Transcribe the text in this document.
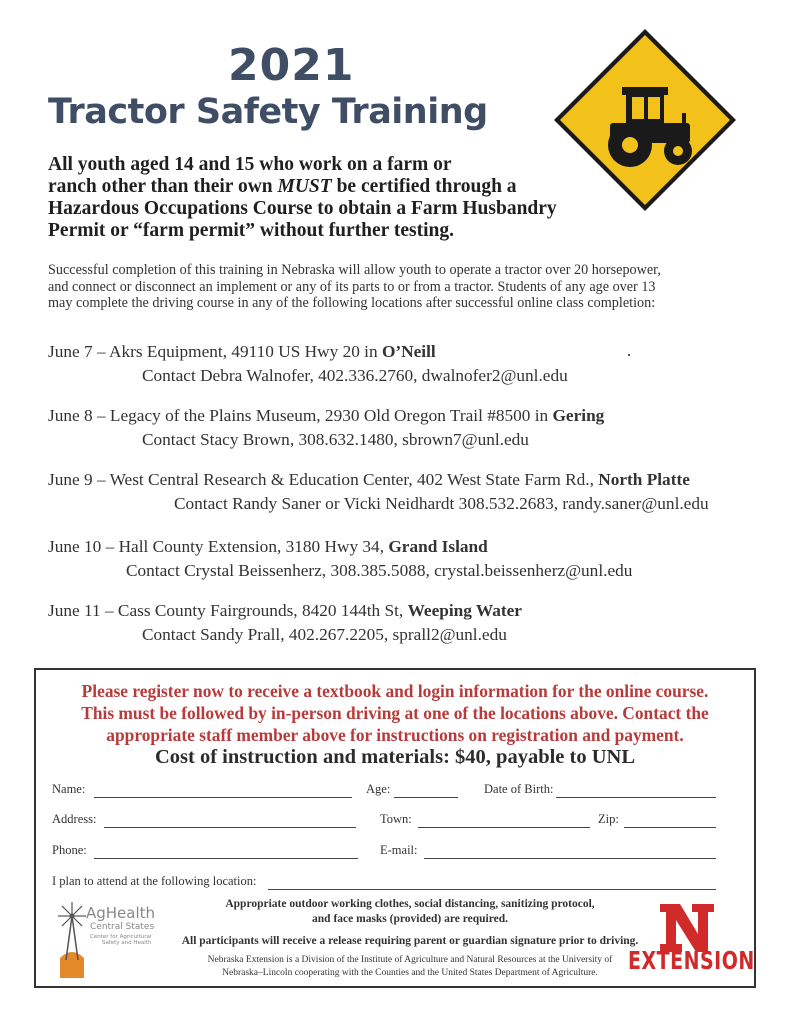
2021
Tractor Safety Training
All youth aged 14 and 15 who work on a farm or
ranch other than their own MUST be certified through a
Hazardous Occupations Course to obtain a Farm Husbandry
Permit or “farm permit” without further testing.
Successful completion of this training in Nebraska will allow youth to operate a tractor over 20 horsepower,
and connect or disconnect an implement or any of its parts to or from a tractor. Students of any age over 13
may complete the driving course in any of the following locations after successful online class completion:
June 7 – Akrs Equipment, 49110 US Hwy 20 in O’Neill
Contact Debra Walnofer, 402.336.2760, dwalnofer2@unl.edu
June 8 – Legacy of the Plains Museum, 2930 Old Oregon Trail #8500 in Gering
Contact Stacy Brown, 308.632.1480, sbrown7@unl.edu
June 9 – West Central Research & Education Center, 402 West State Farm Rd., North Platte
Contact Randy Saner or Vicki Neidhardt 308.532.2683, randy.saner@unl.edu
June 10 – Hall County Extension, 3180 Hwy 34, Grand Island
Contact Crystal Beissenherz, 308.385.5088, crystal.beissenherz@unl.edu
June 11 – Cass County Fairgrounds, 8420 144th St, Weeping Water
Contact Sandy Prall, 402.267.2205, sprall2@unl.edu
Please register now to receive a textbook and login information for the online course.
This must be followed by in-person driving at one of the locations above. Contact the
appropriate staff member above for instructions on registration and payment.
Cost of instruction and materials: $40, payable to UNL
Name:	Age:	Date of Birth:
Address:	Town:	Zip:
Phone:	E-mail:
I plan to attend at the following location:
Appropriate outdoor working clothes, social distancing, sanitizing protocol,
and face masks (provided) are required.
All participants will receive a release requiring parent or guardian signature prior to driving.
Nebraska Extension is a Division of the Institute of Agriculture and Natural Resources at the University of
Nebraska–Lincoln cooperating with the Counties and the United States Department of Agriculture.
AgHealth
Central States
Center for Agricultural
Safety and Health
EXTENSION
